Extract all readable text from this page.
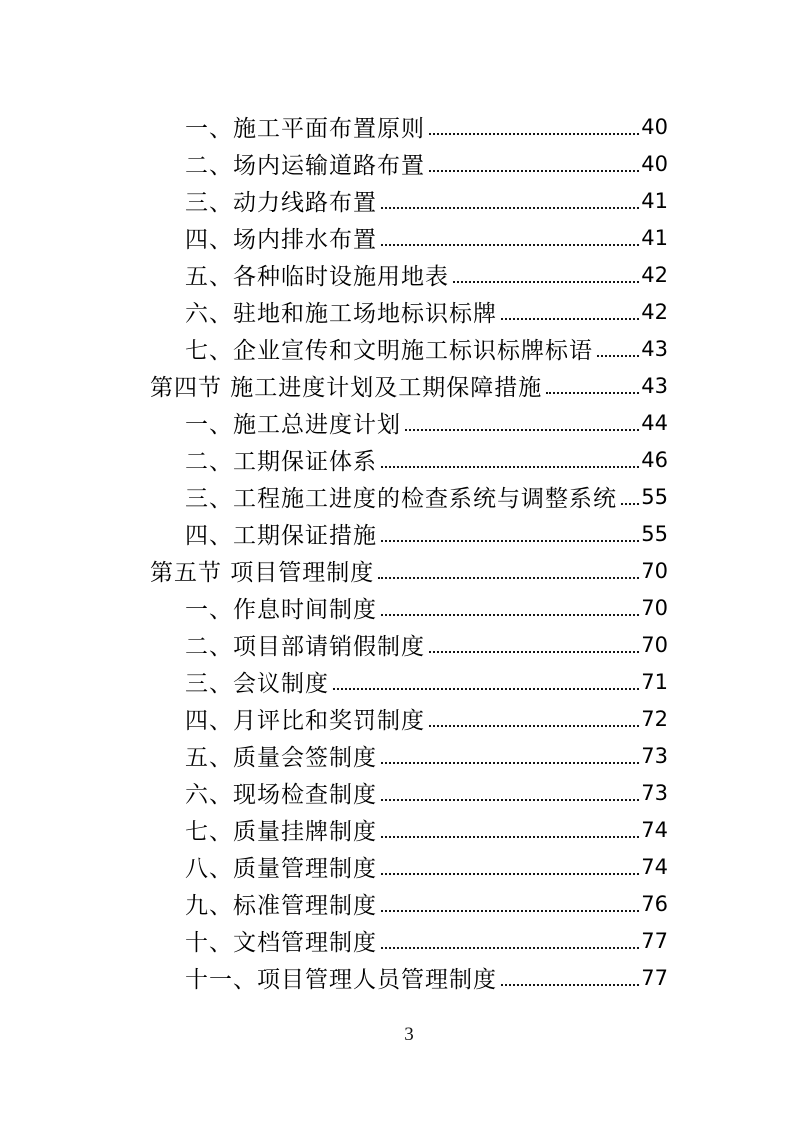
一、施工平面布置原则	40
二、场内运输道路布置	40
三、动力线路布置	41
四、场内排水布置	41
五、各种临时设施用地表	42
六、驻地和施工场地标识标牌	42
七、企业宣传和文明施工标识标牌标语 43
第四节 施工进度计划及工期保障措施	43
一、施工总进度计划	44
二、工期保证体系	46
三、工程施工进度的检查系统与调整系统 55
四、工期保证措施	55
第五节 项目管理制度	70
一、作息时间制度	70
二、项目部请销假制度	70
三、会议制度	71
四、月评比和奖罚制度	72
五、质量会签制度	73
六、现场检查制度	73
七、质量挂牌制度	74
八、质量管理制度	74
九、标准管理制度	76
十、文档管理制度	77
十一、项目管理人员管理制度	77
3
